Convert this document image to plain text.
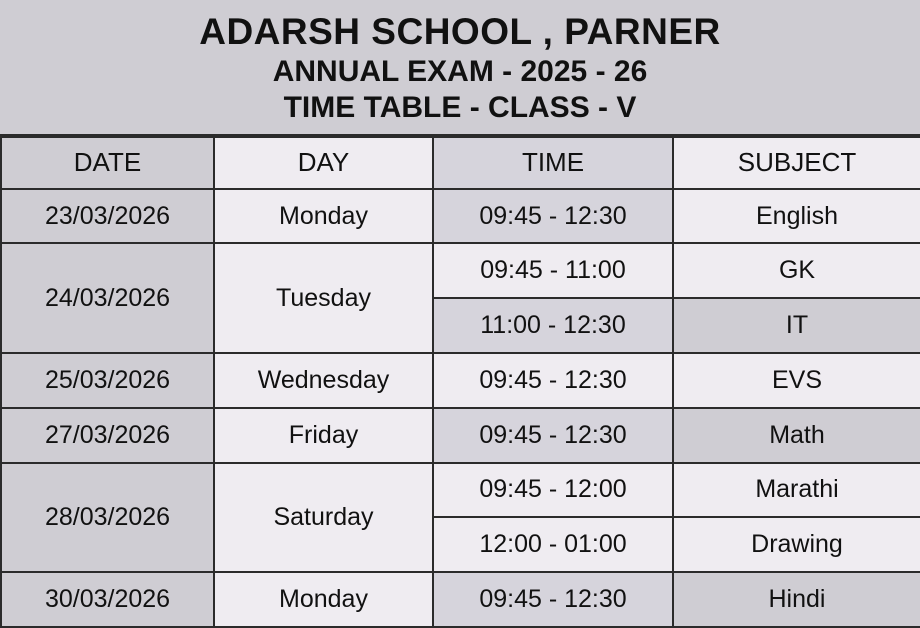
ADARSH SCHOOL , PARNER
ANNUAL EXAM - 2025 - 26
TIME TABLE - CLASS - V
DATE	DAY	TIME	SUBJECT
23/03/2026	Monday	09:45 - 12:30	English
24/03/2026	Tuesday	09:45 - 11:00	GK
		11:00 - 12:30	IT
25/03/2026	Wednesday	09:45 - 12:30	EVS
27/03/2026	Friday	09:45 - 12:30	Math
28/03/2026	Saturday	09:45 - 12:00	Marathi
		12:00 - 01:00	Drawing
30/03/2026	Monday	09:45 - 12:30	Hindi
